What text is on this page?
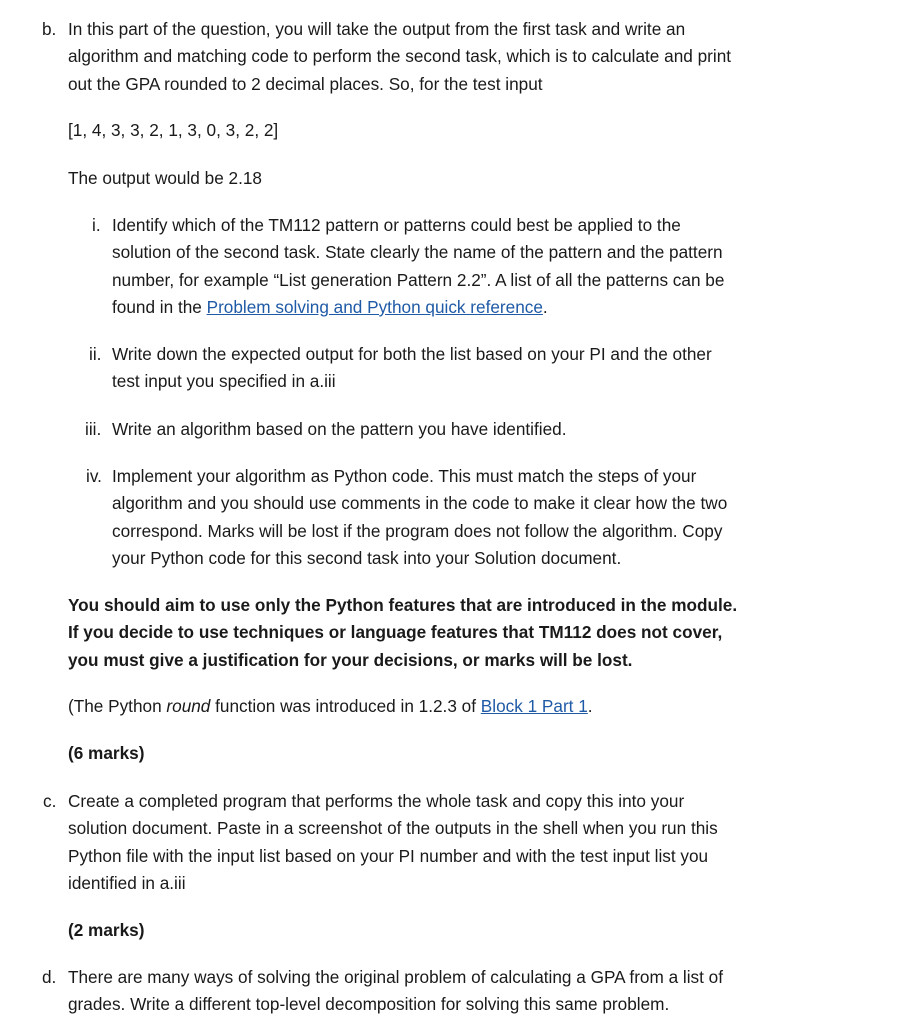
b. In this part of the question, you will take the output from the first task and write an
algorithm and matching code to perform the second task, which is to calculate and print
out the GPA rounded to 2 decimal places. So, for the test input
[1, 4, 3, 3, 2, 1, 3, 0, 3, 2, 2]
The output would be 2.18
i. Identify which of the TM112 pattern or patterns could best be applied to the
solution of the second task. State clearly the name of the pattern and the pattern
number, for example “List generation Pattern 2.2”. A list of all the patterns can be
found in the Problem solving and Python quick reference.
ii. Write down the expected output for both the list based on your PI and the other
test input you specified in a.iii
iii. Write an algorithm based on the pattern you have identified.
iv. Implement your algorithm as Python code. This must match the steps of your
algorithm and you should use comments in the code to make it clear how the two
correspond. Marks will be lost if the program does not follow the algorithm. Copy
your Python code for this second task into your Solution document.
You should aim to use only the Python features that are introduced in the module.
If you decide to use techniques or language features that TM112 does not cover,
you must give a justification for your decisions, or marks will be lost.
(The Python round function was introduced in 1.2.3 of Block 1 Part 1.
(6 marks)
c. Create a completed program that performs the whole task and copy this into your
solution document. Paste in a screenshot of the outputs in the shell when you run this
Python file with the input list based on your PI number and with the test input list you
identified in a.iii
(2 marks)
d. There are many ways of solving the original problem of calculating a GPA from a list of
grades. Write a different top-level decomposition for solving this same problem.
